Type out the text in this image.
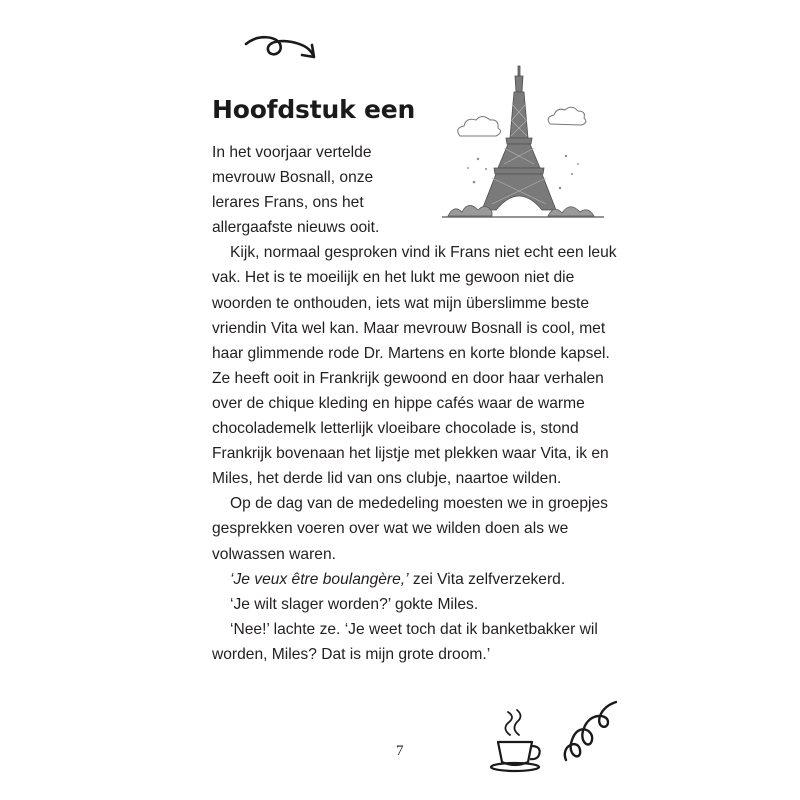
Hoofdstuk een
In het voorjaar vertelde
mevrouw Bosnall, onze
lerares Frans, ons het
allergaafste nieuws ooit.
Kijk, normaal gesproken vind ik Frans niet echt een leuk
vak. Het is te moeilijk en het lukt me gewoon niet die
woorden te onthouden, iets wat mijn überslimme beste
vriendin Vita wel kan. Maar mevrouw Bosnall is cool, met
haar glimmende rode Dr. Martens en korte blonde kapsel.
Ze heeft ooit in Frankrijk gewoond en door haar verhalen
over de chique kleding en hippe cafés waar de warme
chocolademelk letterlijk vloeibare chocolade is, stond
Frankrijk bovenaan het lijstje met plekken waar Vita, ik en
Miles, het derde lid van ons clubje, naartoe wilden.
Op de dag van de mededeling moesten we in groepjes
gesprekken voeren over wat we wilden doen als we
volwassen waren.
‘Je veux être boulangère,’ zei Vita zelfverzekerd.
‘Je wilt slager worden?’ gokte Miles.
‘Nee!’ lachte ze. ‘Je weet toch dat ik banketbakker wil
worden, Miles? Dat is mijn grote droom.’
7
